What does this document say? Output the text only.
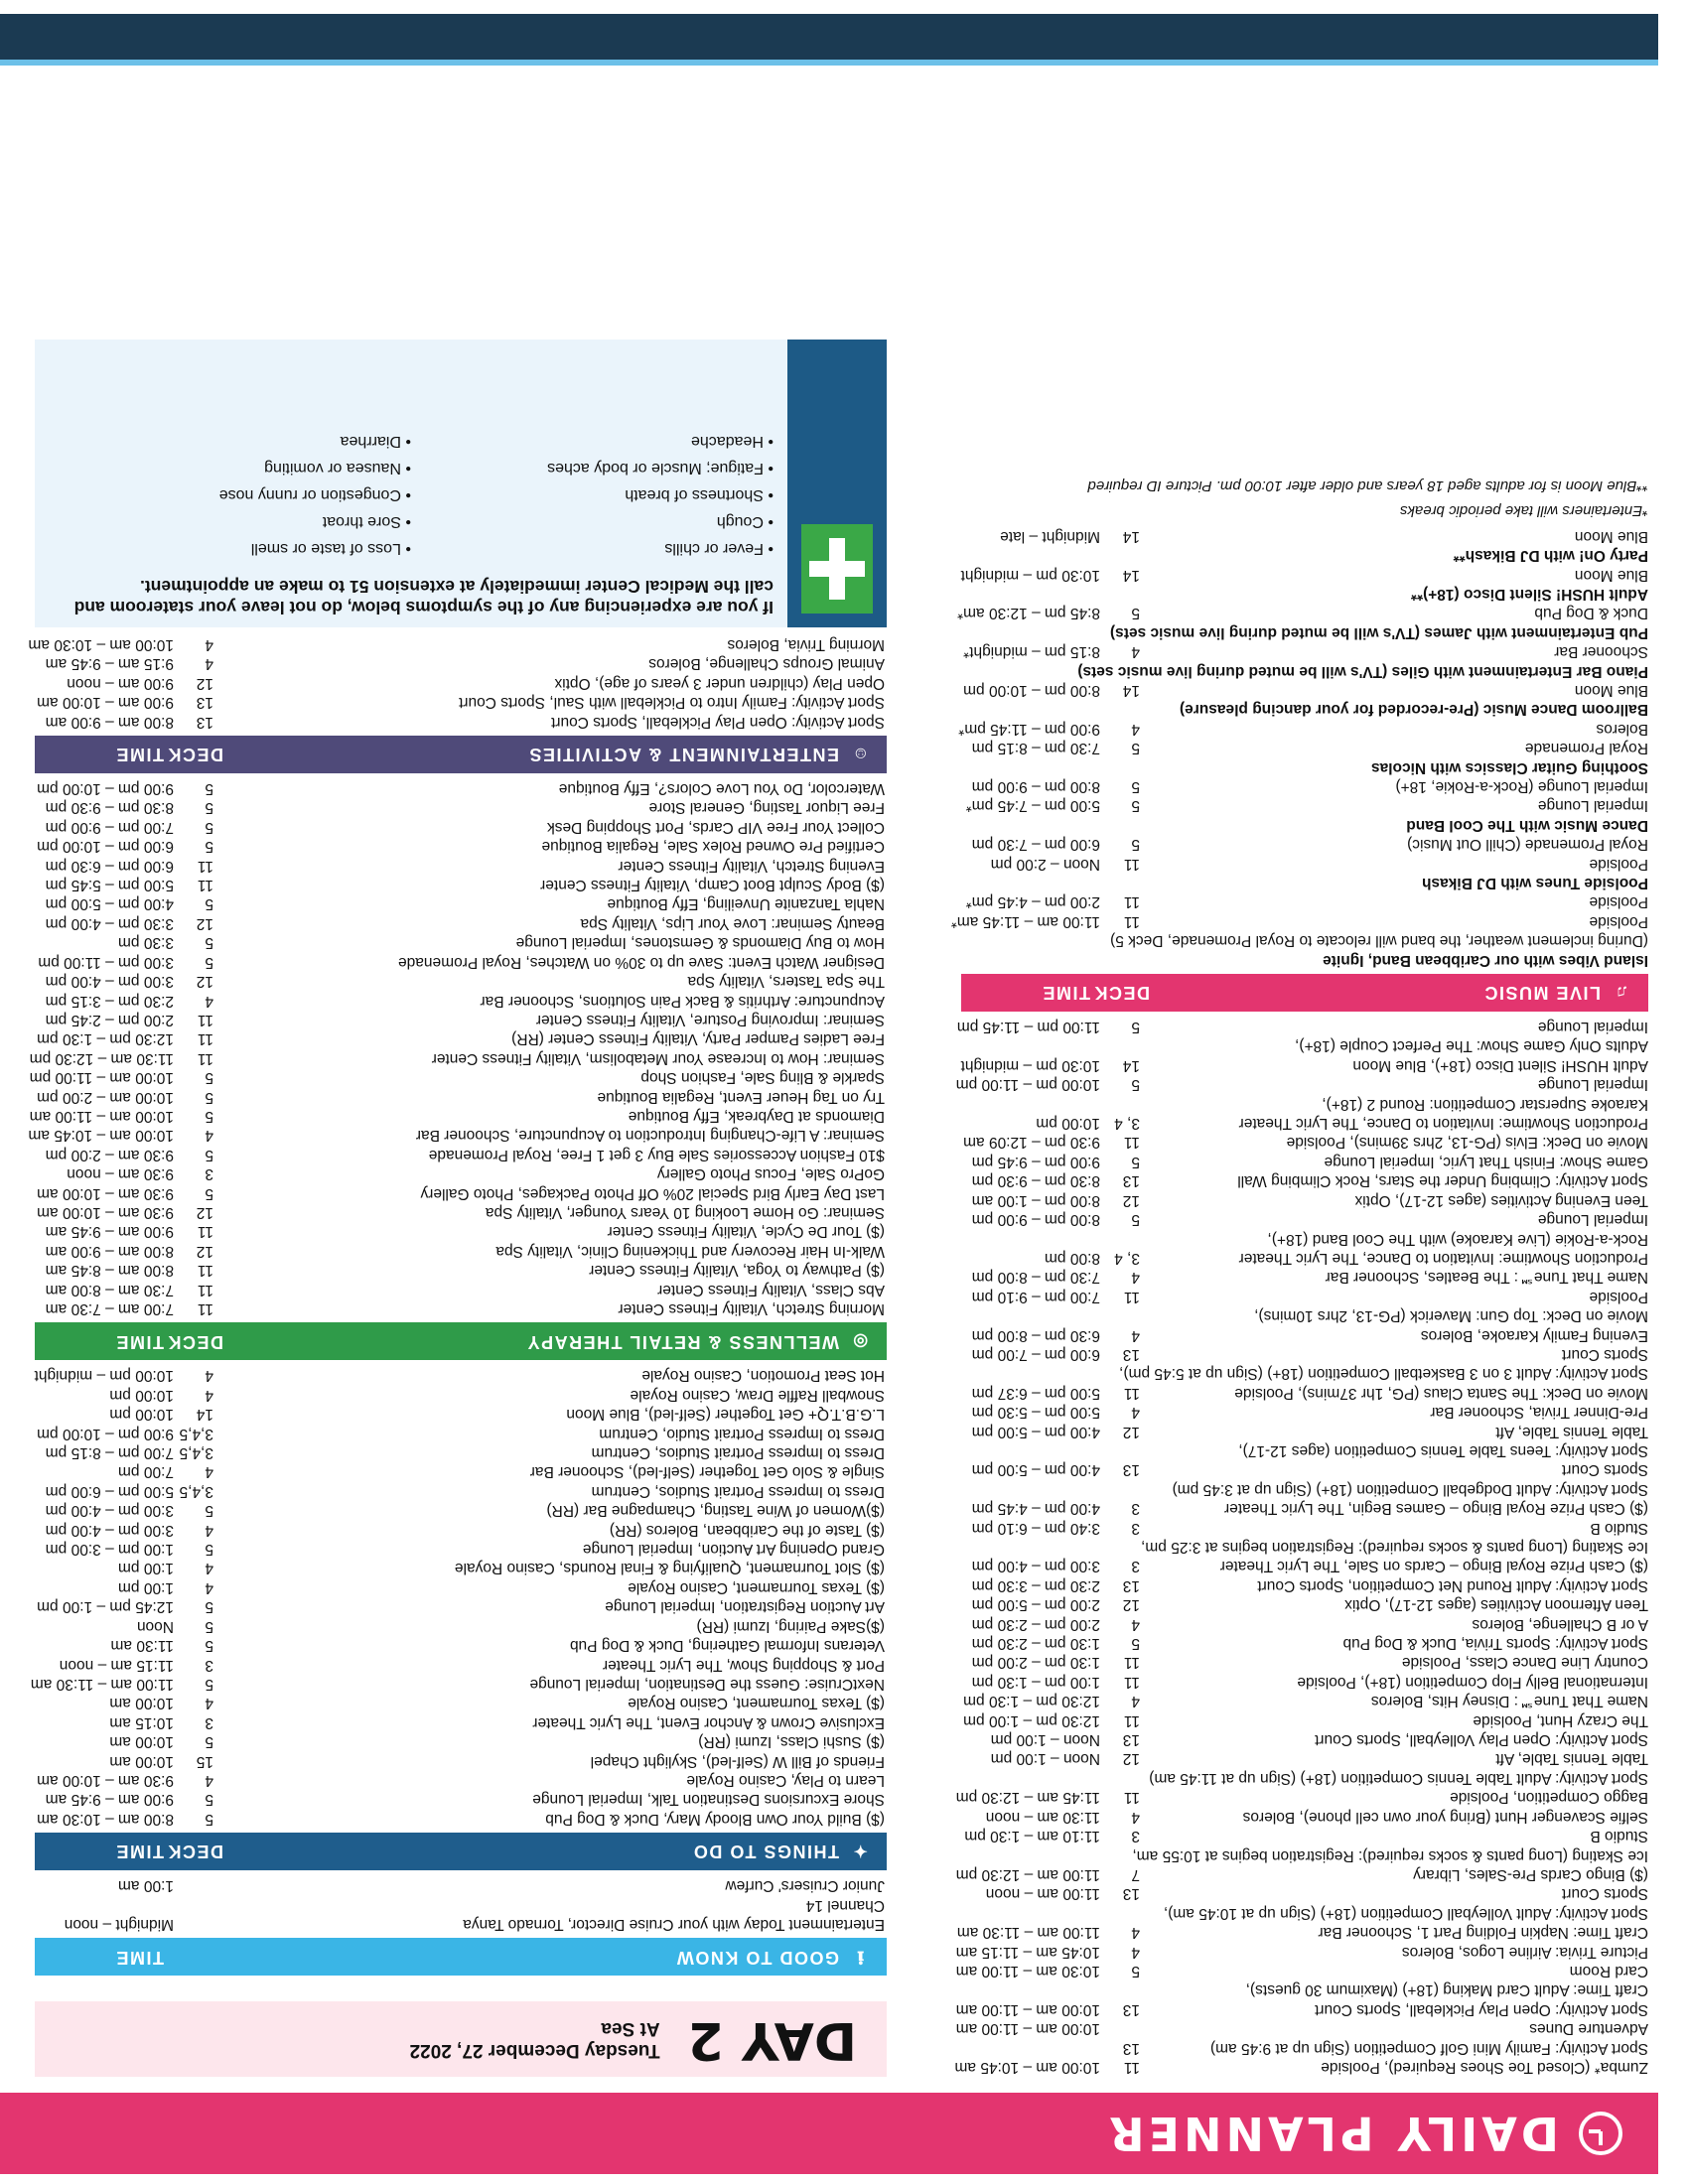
DAILY PLANNER
DAY 2
Tuesday December 27, 2022
At Sea
ℹ
GOOD TO KNOW
TIME
Entertainment Today with your Cruise Director, Tornado Tanya
Midnight – noon
Channel 14
Junior Cruisers' Curfew
1:00 am
✦
THINGS TO DO
DECK
TIME
($) Build Your Own Bloody Mary, Duck & Dog Pub
5
8:00 am – 10:30 am
Shore Excursions Destination Talk, Imperial Lounge
5
9:00 am – 9:45 am
Learn to Play, Casino Royale
4
9:30 am – 10:00 am
Friends of Bill W (Self-led), Skylight Chapel
15
10:00 am
($) Sushi Class, Izumi (RR)
5
10:00 am
Exclusive Crown & Anchor Event, The Lyric Theater
3
10:15 am
($) Texas Tournament, Casino Royale
4
10:00 am
NextCruise: Guess the Destination, Imperial Lounge
5
11:00 am – 11:30 am
Port & Shopping Show, The Lyric Theater
3
11:15 am – noon
Veterans Informal Gathering, Duck & Dog Pub
5
11:30 am
($)Sake Pairing, Izumi (RR)
5
Noon
Art Auction Registration, Imperial Lounge
5
12:45 pm – 1:00 pm
($) Texas Tournament, Casino Royale
4
1:00 pm
($) Slot Tournament, Qualifying & Final Rounds, Casino Royale
4
1:00 pm
Grand Opening Art Auction, Imperial Lounge
5
1:00 pm – 3:00 pm
($) Taste of the Caribbean, Boleros (RR)
4
3:00 pm – 4:00 pm
($)Women of Wine Tasting, Champagne Bar (RR)
5
3:00 pm – 4:00 pm
Dress to Impress Portrait Studios, Centrum
3,4,5
5:00 pm – 6:00 pm
Single & Solo Get Together (Self-led), Schooner Bar
4
7:00 pm
Dress to Impress Portrait Studios, Centrum
3,4,5
7:00 pm – 8:15 pm
Dress to Impress Portrait Studio, Centrum
3,4,5
9:00 pm – 10:00 pm
L.G.B.T.Q+ Get Together (Self-led), Blue Moon
14
10:00 pm
Snowball Raffle Draw, Casino Royale
4
10:00 pm
Hot Seat Promotion, Casino Royale
4
10:00 pm – midnight
◎
WELLNESS & RETAIL THERAPY
DECK
TIME
Morning Stretch, Vitality Fitness Center
11
7:00 am – 7:30 am
Abs Class, Vitality Fitness Center
11
7:30 am – 8:00 am
($) Pathway to Yoga, Vitality Fitness Center
11
8:00 am – 8:45 am
Walk-In Hair Recovery and Thickening Clinic, Vitality Spa
12
8:00 am – 9:00 am
($) Tour De Cycle, Vitality Fitness Center
11
9:00 am – 9:45 am
Seminar: Go Home Looking 10 Years Younger, Vitality Spa
12
9:30 am – 10:00 am
Last Day Early Bird Special 20% Off Photo Packages, Photo Gallery
5
9:30 am – 10:00 am
GoPro Sale, Focus Photo Gallery
3
9:30 am – noon
$10 Fashion Accessories Sale Buy 3 get 1 Free, Royal Promenade
5
9:30 am – 2:00 pm
Seminar: A Life-Changing Introduction to Acupuncture, Schooner Bar
4
10:00 am – 10:45 am
Diamonds at Daybreak, Effy Boutique
5
10:00 am – 11:00 am
Try on Tag Heuer Event, Regalia Boutique
5
10:00 am – 2:00 pm
Sparkle & Bling Sale, Fashion Shop
5
10:00 am – 11:00 pm
Seminar: How to Increase Your Metabolism, Vitality Fitness Center
11
11:30 am – 12:30 pm
Free Ladies Pamper Party, Vitality Fitness Center (RR)
11
12:30 pm – 1:30 pm
Seminar: Improving Posture, Vitality Fitness Center
11
2:00 pm – 2:45 pm
Acupuncture: Arthritis & Back Pain Solutions, Schooner Bar
4
2:30 pm – 3:15 pm
The Spa Tasters, Vitality Spa
12
3:00 pm – 4:00 pm
Designer Watch Event: Save up to 30% on Watches, Royal Promenade
5
3:00 pm – 11:00 pm
How to Buy Diamonds & Gemstones, Imperial Lounge
5
3:30 pm
Beauty Seminar: Love Your Lips, Vitality Spa
12
3:30 pm – 4:00 pm
Nahla Tanzanite Unveiling, Effy Boutique
5
4:00 pm – 5:00 pm
($) Body Sculpt Boot Camp, Vitality Fitness Center
11
5:00 pm – 5:45 pm
Evening Stretch, Vitality Fitness Center
11
6:00 pm – 6:30 pm
Certified Pre Owned Rolex Sale, Regalia Boutique
5
6:00 pm – 10:00 pm
Collect Your Free VIP Cards, Port Shopping Desk
5
7:00 pm – 9:00 pm
Free Liquor Tasting, General Store
5
8:30 pm – 9:30 pm
Watercolor, Do You Love Colors?, Effy Boutique
5
9:00 pm – 10:00 pm
☺
ENTERTAINMENT & ACTIVITIES
DECK
TIME
Sport Activity: Open Play Pickleball, Sports Court
13
8:00 am – 9:00 am
Sport Activity: Family Intro to Pickleball with Saul, Sports Court
13
9:00 am – 10:00 am
Open Play (children under 3 years of age), Optix
12
9:00 am – noon
Animal Groups Challenge, Boleros
4
9:15 am – 9:45 am
Morning Trivia, Boleros
4
10:00 am – 10:30 am
If you are experiencing any of the symptoms below, do not leave your stateroom and call the Medical Center immediately at extension 51 to make an appointment.
• Fever or chills
• Loss of taste or smell
• Cough
• Sore throat
• Shortness of breath
• Congestion or runny nose
• Fatigue; Muscle or body aches
• Nausea or vomiting
• Headache
• Diarrhea
Zumba* (Closed Toe Shoes Required), Poolside
11
10:00 am – 10:45 am
Sport Activity: Family Mini Golf Competition (Sign up at 9:45 am)
13
Adventure Dunes
10:00 am – 11:00 am
Sport Activity: Open Play Pickleball, Sports Court
13
10:00 am – 11:00 am
Craft Time: Adult Card Making (18+) (Maximum 30 guests),
Card Room
5
10:30 am – 11:00 am
Picture Trivia: Airline Logos, Boleros
4
10:45 am – 11:15 am
Craft Time: Napkin Folding Part 1, Schooner Bar
4
11:00 am – 11:30 am
Sport Activity: Adult Volleyball Competition (18+) (Sign up at 10:45 am),
Sports Court
13
11:00 am – noon
($) Bingo Cards Pre-Sales, Library
7
11:00 am – 12:30 pm
Ice Skating (Long pants & socks required): Registration begins at 10:55 am,
Studio B
3
11:10 am – 1:30 pm
Selfie Scavenger Hunt (Bring your own cell phone), Boleros
4
11:30 am – noon
Baggo Competition, Poolside
11
11:45 am – 12:30 pm
Sport Activity: Adult Table Tennis Competition (18+) (Sign up at 11:45 am)
Table Tennis Table, Aft
12
Noon – 1:00 pm
Sport Activity: Open Play Volleyball, Sports Court
13
Noon – 1:00 pm
The Crazy Hunt, Poolside
11
12:30 pm – 1:00 pm
Name That Tune℠: Disney Hits, Boleros
4
12:30 pm – 1:30 pm
International Belly Flop Competition (18+), Poolside
11
1:00 pm – 1:30 pm
Country Line Dance Class, Poolside
11
1:30 pm – 2:00 pm
Sport Activity: Sports Trivia, Duck & Dog Pub
5
1:30 pm – 2:30 pm
A or B Challenge, Boleros
4
2:00 pm – 2:30 pm
Teen Afternoon Activities (ages 12-17), Optix
12
2:00 pm – 5:00 pm
Sport Activity: Adult Round Net Competition, Sports Court
13
2:30 pm – 3:30 pm
($) Cash Prize Royal Bingo – Cards on Sale, The Lyric Theater
3
3:00 pm – 4:00 pm
Ice Skating (Long pants & socks required): Registration begins at 3:25 pm,
Studio B
3
3:40 pm – 6:10 pm
($) Cash Prize Royal Bingo – Games Begin, The Lyric Theater
3
4:00 pm – 4:45 pm
Sport Activity: Adult Dodgeball Competition (18+) (Sign up at 3:45 pm)
Sports Court
13
4:00 pm – 5:00 pm
Sport Activity: Teens Table Tennis Competition (ages 12-17),
Table Tennis Table, Aft
12
4:00 pm – 5:00 pm
Pre-Dinner Trivia, Schooner Bar
4
5:00 pm – 5:30 pm
Movie on Deck: The Santa Claus (PG, 1hr 37mins), Poolside
11
5:00 pm – 6:37 pm
Sport Activity: Adult 3 on 3 Basketball Competition (18+) (Sign up at 5:45 pm),
Sports Court
13
6:00 pm – 7:00 pm
Evening Family Karaoke, Boleros
4
6:30 pm – 8:00 pm
Movie on Deck: Top Gun: Maverick (PG-13, 2hrs 10mins),
Poolside
11
7:00 pm – 9:10 pm
Name That Tune℠: The Beatles, Schooner Bar
4
7:30 pm – 8:00 pm
Production Showtime: Invitation to Dance, The Lyric Theater
3, 4
8:00 pm
Rock-a-Rokie (Live Karaoke) with The Cool Band (18+),
Imperial Lounge
5
8:00 pm – 9:00 pm
Teen Evening Activities (ages 12-17), Optix
12
8:00 pm – 1:00 am
Sport Activity: Climbing Under the Stars, Rock Climbing Wall
13
8:30 pm – 9:30 pm
Game Show: Finish That Lyric, Imperial Lounge
5
9:00 pm – 9:45 pm
Movie on Deck: Elvis (PG-13, 2hrs 39mins), Poolside
11
9:30 pm – 12:09 am
Production Showtime: Invitation to Dance, The Lyric Theater
3, 4
10:00 pm
Karaoke Superstar Competition: Round 2 (18+),
Imperial Lounge
5
10:00 pm – 11:00 pm
Adult HUSH! Silent Disco (18+), Blue Moon
14
10:30 pm – midnight
Adults Only Game Show: The Perfect Couple (18+),
Imperial Lounge
5
11:00 pm – 11:45 pm
♫
LIVE MUSIC
DECK
TIME
Island Vibes with our Caribbean Band, Ignite
(During inclement weather, the band will relocate to Royal Promenade, Deck 5)
Poolside
11
11:00 am – 11:45 am*
Poolside
11
2:00 pm – 4:45 pm*
Poolside Tunes with DJ Bikash
Poolside
11
Noon – 2:00 pm
Royal Promenade (Chill Out Music)
5
6:00 pm – 7:30 pm
Dance Music with The Cool Band
Imperial Lounge
5
5:00 pm – 7:45 pm*
Imperial Lounge (Rock-a-Rokie, 18+)
5
8:00 pm – 9:00 pm
Soothing Guitar Classics with Nicolas
Royal Promenade
5
7:30 pm – 8:15 pm
Boleros
4
9:00 pm – 11:45 pm*
Ballroom Dance Music (Pre-recorded for your dancing pleasure)
Blue Moon
14
8:00 pm – 10:00 pm
Piano Bar Entertainment with Giles (TV's will be muted during live music sets)
Schooner Bar
4
8:15 pm – midnight*
Pub Entertainment with James (TV's will be muted during live music sets)
Duck & Dog Pub
5
8:45 pm – 12:30 am*
Adult HUSH! Silent Disco (18+)**
Blue Moon
14
10:30 pm – midnight
Party On! with DJ Bikash**
Blue Moon
14
Midnight – late
*Entertainers will take periodic breaks
**Blue Moon is for adults aged 18 years and older after 10:00 pm. Picture ID required
